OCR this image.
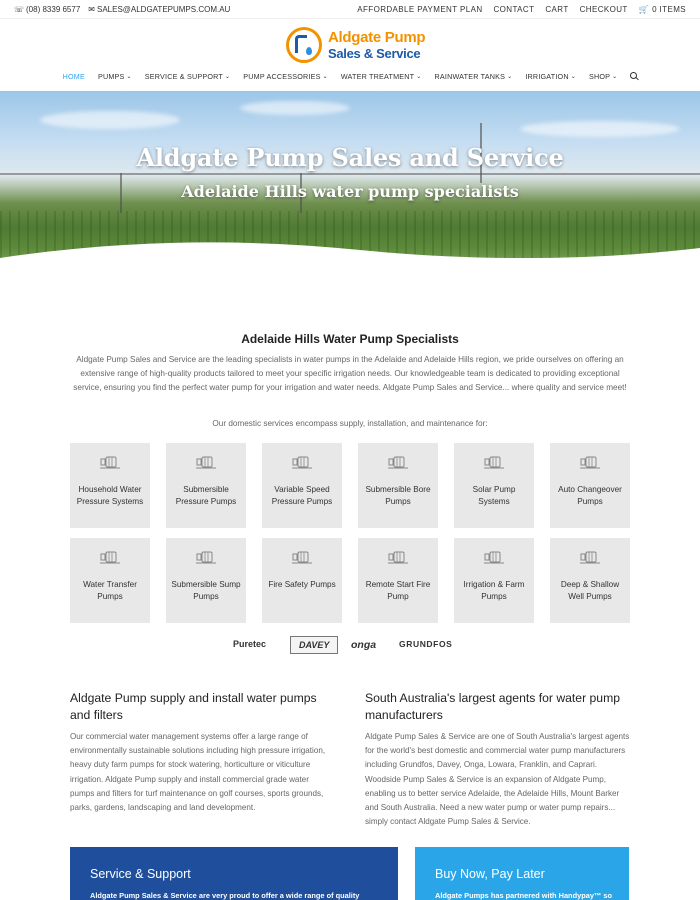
☏ (08) 8339 6577 ✉ SALES@ALDGATEPUMPS.COM.AU	AFFORDABLE PAYMENT PLAN CONTACT CART CHECKOUT 🛒 0 ITEMS
Aldgate Pump
Sales & Service
HOME PUMPS ⌄ SERVICE & SUPPORT ⌄ PUMP ACCESSORIES ⌄ WATER TREATMENT ⌄ RAINWATER TANKS ⌄ IRRIGATION ⌄ SHOP ⌄
Aldgate Pump Sales and Service
Adelaide Hills water pump specialists
Adelaide Hills Water Pump Specialists
Aldgate Pump Sales and Service are the leading specialists in water pumps in the Adelaide and Adelaide Hills region, we pride ourselves on offering an extensive range of high-quality products tailored to meet your specific irrigation needs. Our knowledgeable team is dedicated to providing exceptional service, ensuring you find the perfect water pump for your irrigation and water needs. Aldgate Pump Sales and Service... where quality and service meet!
Our domestic services encompass supply, installation, and maintenance for:
Household Water Pressure Systems
Submersible Pressure Pumps
Variable Speed Pressure Pumps
Submersible Bore Pumps
Solar Pump Systems
Auto Changeover Pumps
Water Transfer Pumps
Submersible Sump Pumps
Fire Safety Pumps	Remote Start Fire Pump
Irrigation & Farm Pumps
Deep & Shallow Well Pumps
Puretec	DAVEY	onga	GRUNDFOS
Aldgate Pump supply and install water pumps and filters

Our commercial water management systems offer a large range of environmentally sustainable solutions including high pressure irrigation, heavy duty farm pumps for stock watering, horticulture or viticulture irrigation. Aldgate Pump supply and install commercial grade water pumps and filters for turf maintenance on golf courses, sports grounds, parks, gardens, landscaping and land development.

South Australia's largest agents for water pump manufacturers

Aldgate Pump Sales & Service are one of South Australia's largest agents for the world's best domestic and commercial water pump manufacturers including Grundfos, Davey, Onga, Lowara, Franklin, and Caprari. Woodside Pump Sales & Service is an expansion of Aldgate Pump, enabling us to better service Adelaide, the Adelaide Hills, Mount Barker and South Australia. Need a new water pump or water pump repairs... simply contact Aldgate Pump Sales & Service.

Service & Support

Aldgate Pump Sales & Service are very proud to offer a wide range of quality

Buy Now, Pay Later

Aldgate Pumps has partnered with Handypay™ so
